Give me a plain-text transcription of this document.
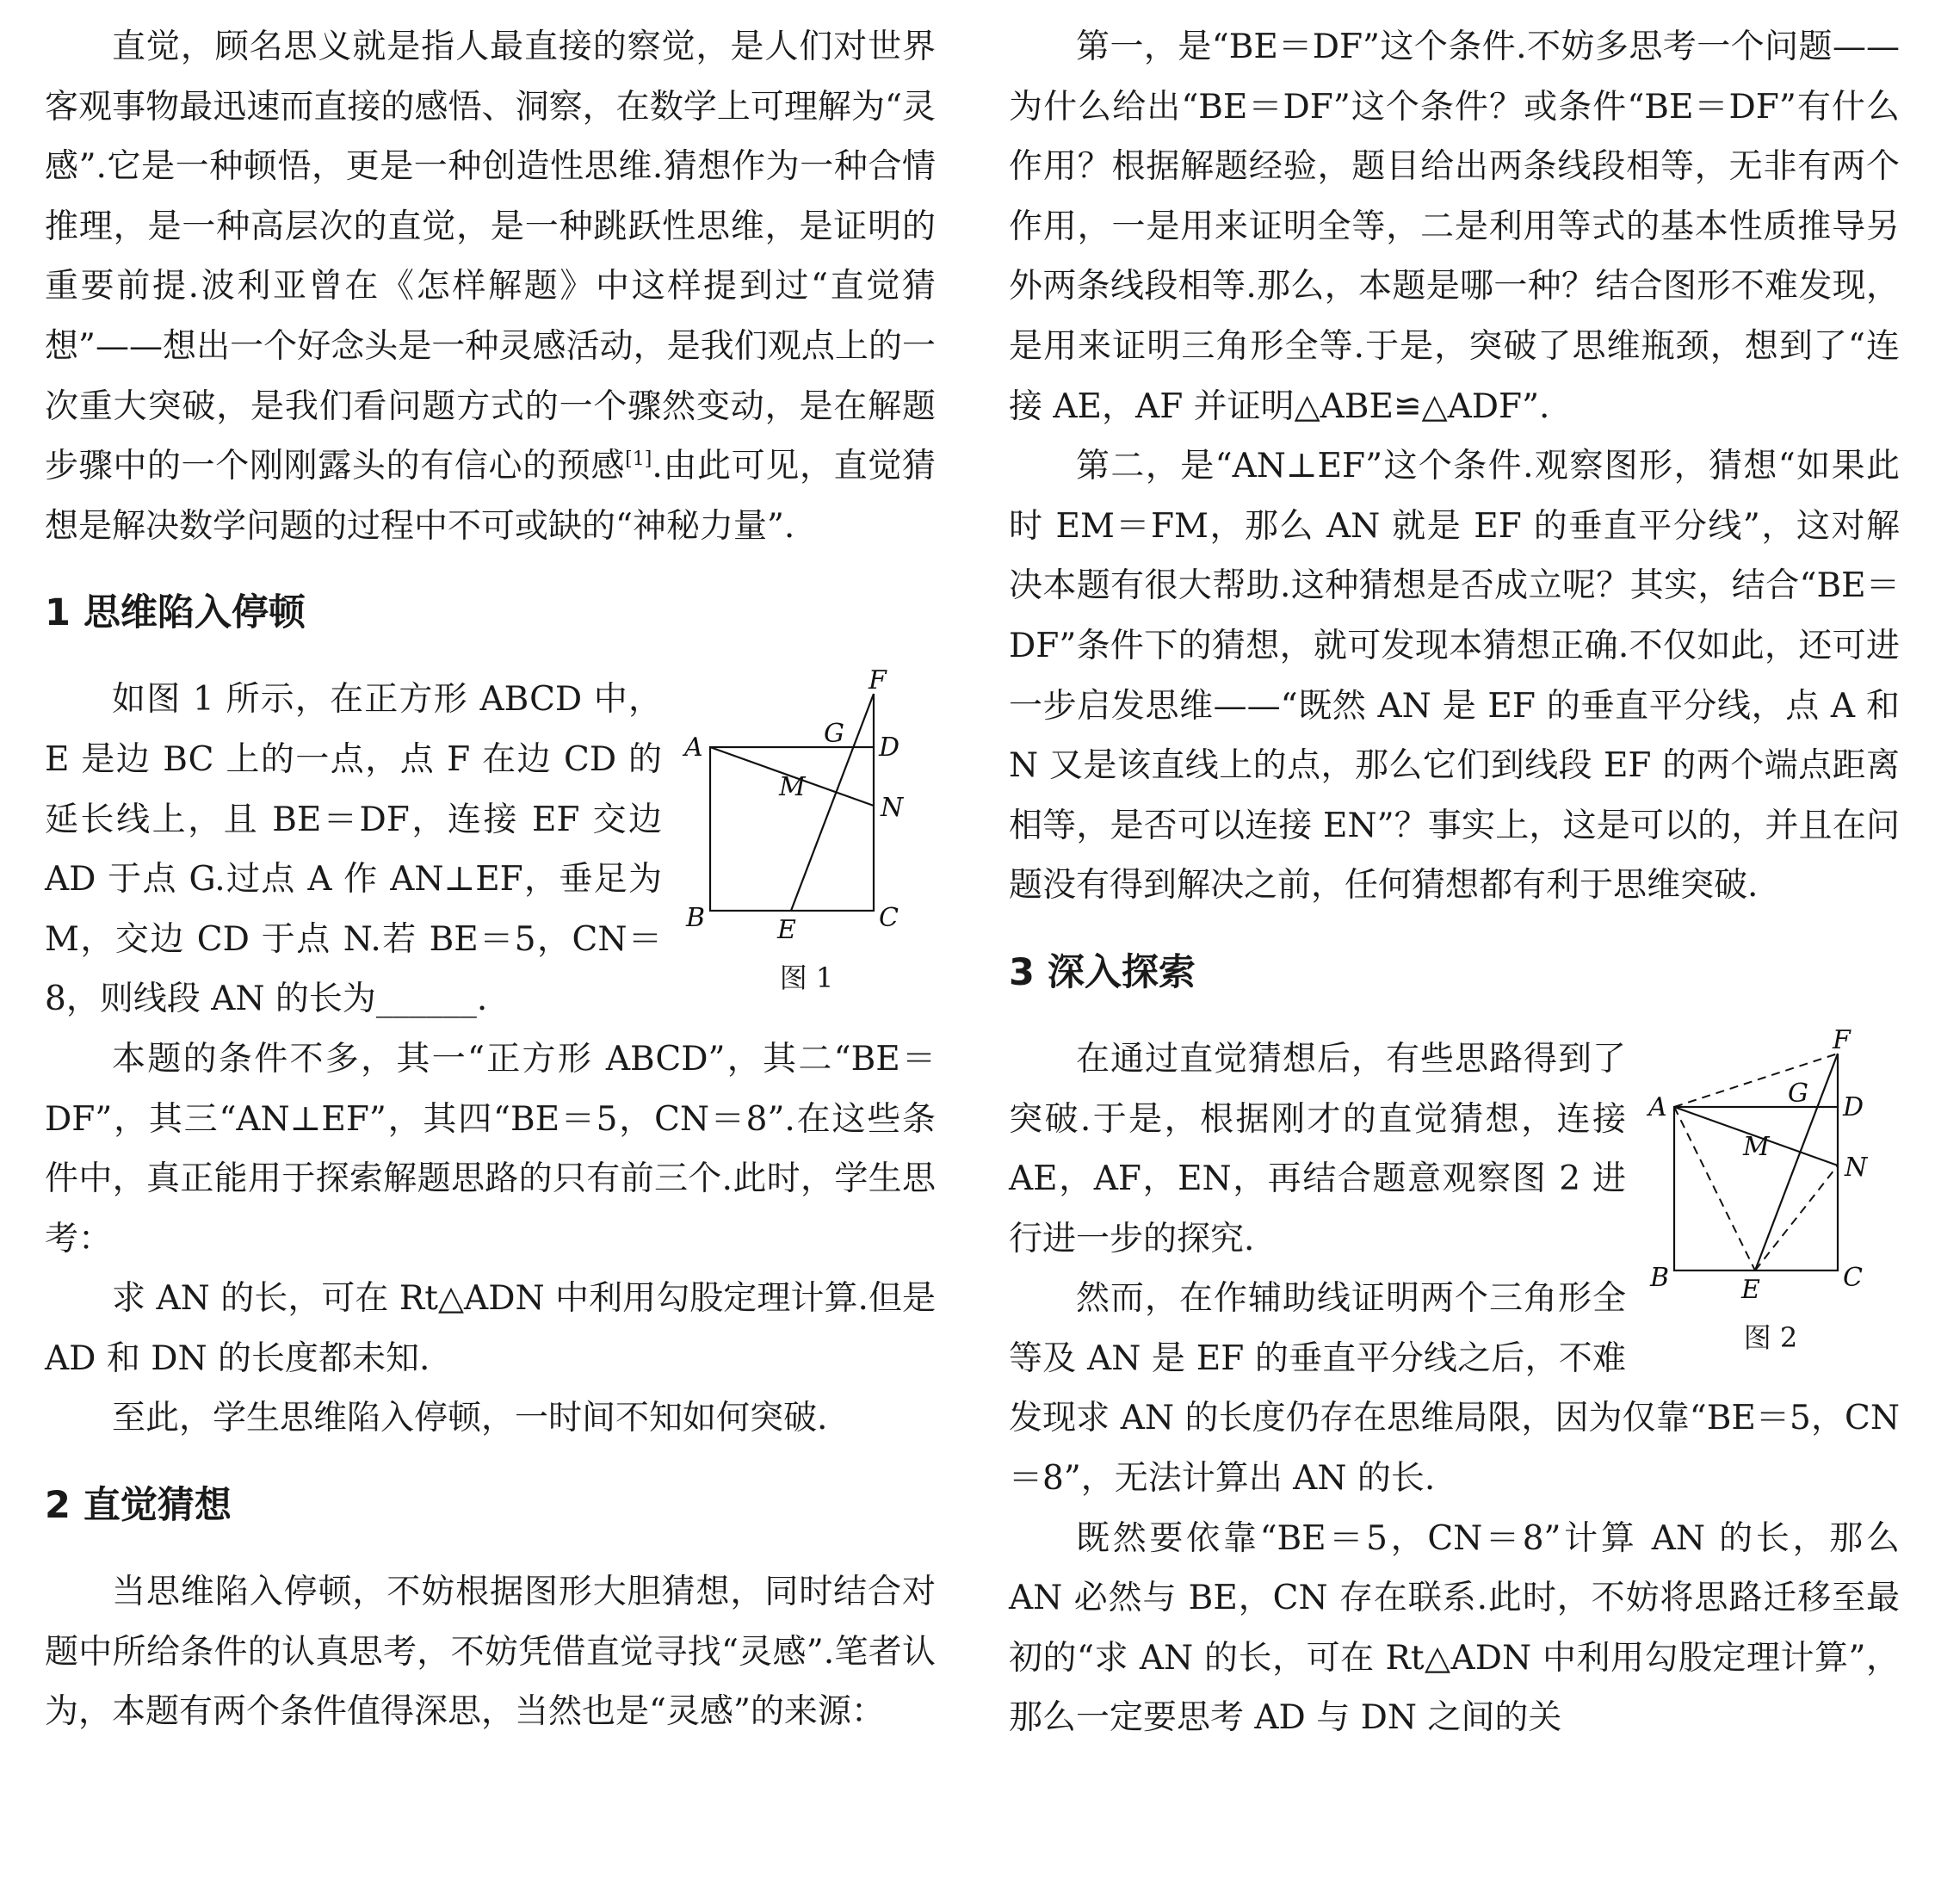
直觉，顾名思义就是指人最直接的察觉，是人们对世界客观事物最迅速而直接的感悟、洞察，在数学上可理解为“灵感”.它是一种顿悟，更是一种创造性思维.猜想作为一种合情推理，是一种高层次的直觉，是一种跳跃性思维，是证明的重要前提.波利亚曾在《怎样解题》中这样提到过“直觉猜想”——想出一个好念头是一种灵感活动，是我们观点上的一次重大突破，是我们看问题方式的一个骤然变动，是在解题步骤中的一个刚刚露头的有信心的预感[1].由此可见，直觉猜想是解决数学问题的过程中不可或缺的“神秘力量”.

1 思维陷入停顿
A
B	C
D
E
F
G
M
N
图 1

如图 1 所示，在正方形 ABCD 中，E 是边 BC 上的一点，点 F 在边 CD 的延长线上，且 BE＝DF，连接 EF 交边 AD 于点 G.过点 A 作 AN⊥EF，垂足为 M，交边 CD 于点 N.若 BE＝5，CN＝8，则线段 AN 的长为______.

本题的条件不多，其一“正方形 ABCD”，其二“BE＝DF”，其三“AN⊥EF”，其四“BE＝5，CN＝8”.在这些条件中，真正能用于探索解题思路的只有前三个.此时，学生思考：

求 AN 的长，可在 Rt△ADN 中利用勾股定理计算.但是 AD 和 DN 的长度都未知.

至此，学生思维陷入停顿，一时间不知如何突破.

2 直觉猜想

当思维陷入停顿，不妨根据图形大胆猜想，同时结合对题中所给条件的认真思考，不妨凭借直觉寻找“灵感”.笔者认为，本题有两个条件值得深思，当然也是“灵感”的来源：

第一，是“BE＝DF”这个条件.不妨多思考一个问题——为什么给出“BE＝DF”这个条件？或条件“BE＝DF”有什么作用？根据解题经验，题目给出两条线段相等，无非有两个作用，一是用来证明全等，二是利用等式的基本性质推导另外两条线段相等.那么，本题是哪一种？结合图形不难发现，是用来证明三角形全等.于是，突破了思维瓶颈，想到了“连接 AE，AF 并证明△ABE≌△ADF”.

第二，是“AN⊥EF”这个条件.观察图形，猜想“如果此时 EM＝FM，那么 AN 就是 EF 的垂直平分线”，这对解决本题有很大帮助.这种猜想是否成立呢？其实，结合“BE＝DF”条件下的猜想，就可发现本猜想正确.不仅如此，还可进一步启发思维——“既然 AN 是 EF 的垂直平分线，点 A 和 N 又是该直线上的点，那么它们到线段 EF 的两个端点距离相等，是否可以连接 EN”？事实上，这是可以的，并且在问题没有得到解决之前，任何猜想都有利于思维突破.

3 深入探索
A
B	C
D
E
F
G
M
N
图 2

在通过直觉猜想后，有些思路得到了突破.于是，根据刚才的直觉猜想，连接 AE，AF，EN，再结合题意观察图 2 进行进一步的探究.

然而，在作辅助线证明两个三角形全等及 AN 是 EF 的垂直平分线之后，不难发现求 AN 的长度仍存在思维局限，因为仅靠“BE＝5，CN＝8”，无法计算出 AN 的长.

既然要依靠“BE＝5，CN＝8”计算 AN 的长，那么 AN 必然与 BE，CN 存在联系.此时，不妨将思路迁移至最初的“求 AN 的长，可在 Rt△ADN 中利用勾股定理计算”，那么一定要思考 AD 与 DN 之间的关
